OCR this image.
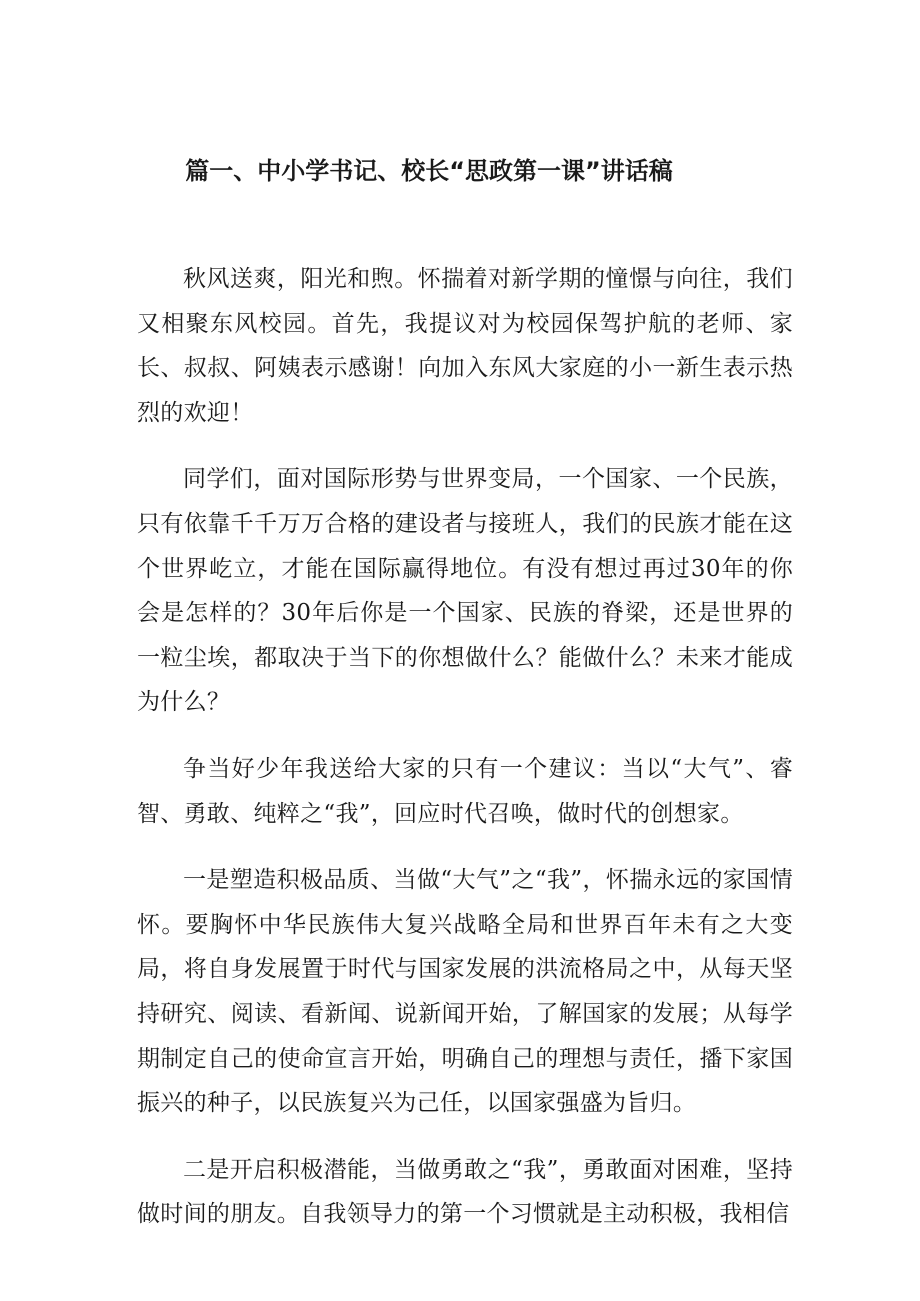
篇一、中小学书记、校长“思政第一课”讲话稿

秋风送爽，阳光和煦。怀揣着对新学期的憧憬与向往，我们又相聚东风校园。首先，我提议对为校园保驾护航的老师、家长、叔叔、阿姨表示感谢！向加入东风大家庭的小一新生表示热烈的欢迎！

同学们，面对国际形势与世界变局，一个国家、一个民族，只有依靠千千万万合格的建设者与接班人，我们的民族才能在这个世界屹立，才能在国际赢得地位。有没有想过再过30年的你会是怎样的？30年后你是一个国家、民族的脊梁，还是世界的一粒尘埃，都取决于当下的你想做什么？能做什么？未来才能成为什么？

争当好少年我送给大家的只有一个建议：当以“大气”、睿智、勇敢、纯粹之“我”，回应时代召唤，做时代的创想家。

一是塑造积极品质、当做“大气”之“我”，怀揣永远的家国情怀。要胸怀中华民族伟大复兴战略全局和世界百年未有之大变局，将自身发展置于时代与国家发展的洪流格局之中，从每天坚持研究、阅读、看新闻、说新闻开始，了解国家的发展；从每学期制定自己的使命宣言开始，明确自己的理想与责任，播下家国振兴的种子，以民族复兴为己任，以国家强盛为旨归。

二是开启积极潜能，当做勇敢之“我”，勇敢面对困难，坚持做时间的朋友。自我领导力的第一个习惯就是主动积极，我相信
